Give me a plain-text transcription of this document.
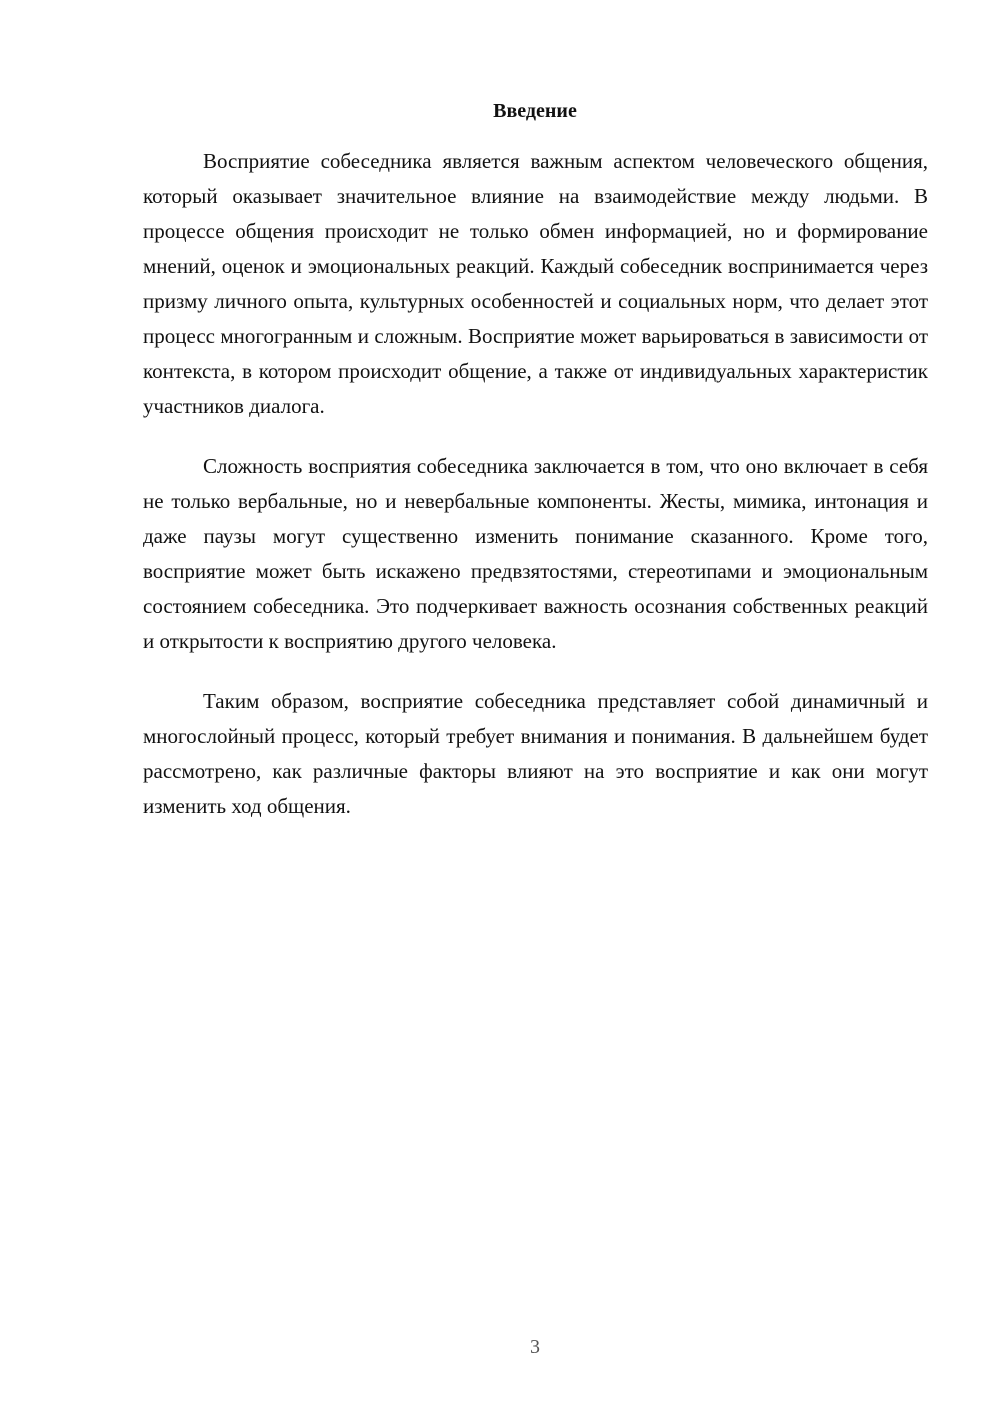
Введение

Восприятие собеседника является важным аспектом человеческого общения, который оказывает значительное влияние на взаимодействие между людьми. В процессе общения происходит не только обмен информацией, но и формирование мнений, оценок и эмоциональных реакций. Каждый собеседник воспринимается через призму личного опыта, культурных особенностей и социальных норм, что делает этот процесс многогранным и сложным. Восприятие может варьироваться в зависимости от контекста, в котором происходит общение, а также от индивидуальных характеристик участников диалога.

Сложность восприятия собеседника заключается в том, что оно включает в себя не только вербальные, но и невербальные компоненты. Жесты, мимика, интонация и даже паузы могут существенно изменить понимание сказанного. Кроме того, восприятие может быть искажено предвзятостями, стереотипами и эмоциональным состоянием собеседника. Это подчеркивает важность осознания собственных реакций и открытости к восприятию другого человека.

Таким образом, восприятие собеседника представляет собой динамичный и многослойный процесс, который требует внимания и понимания. В дальнейшем будет рассмотрено, как различные факторы влияют на это восприятие и как они могут изменить ход общения.

3
